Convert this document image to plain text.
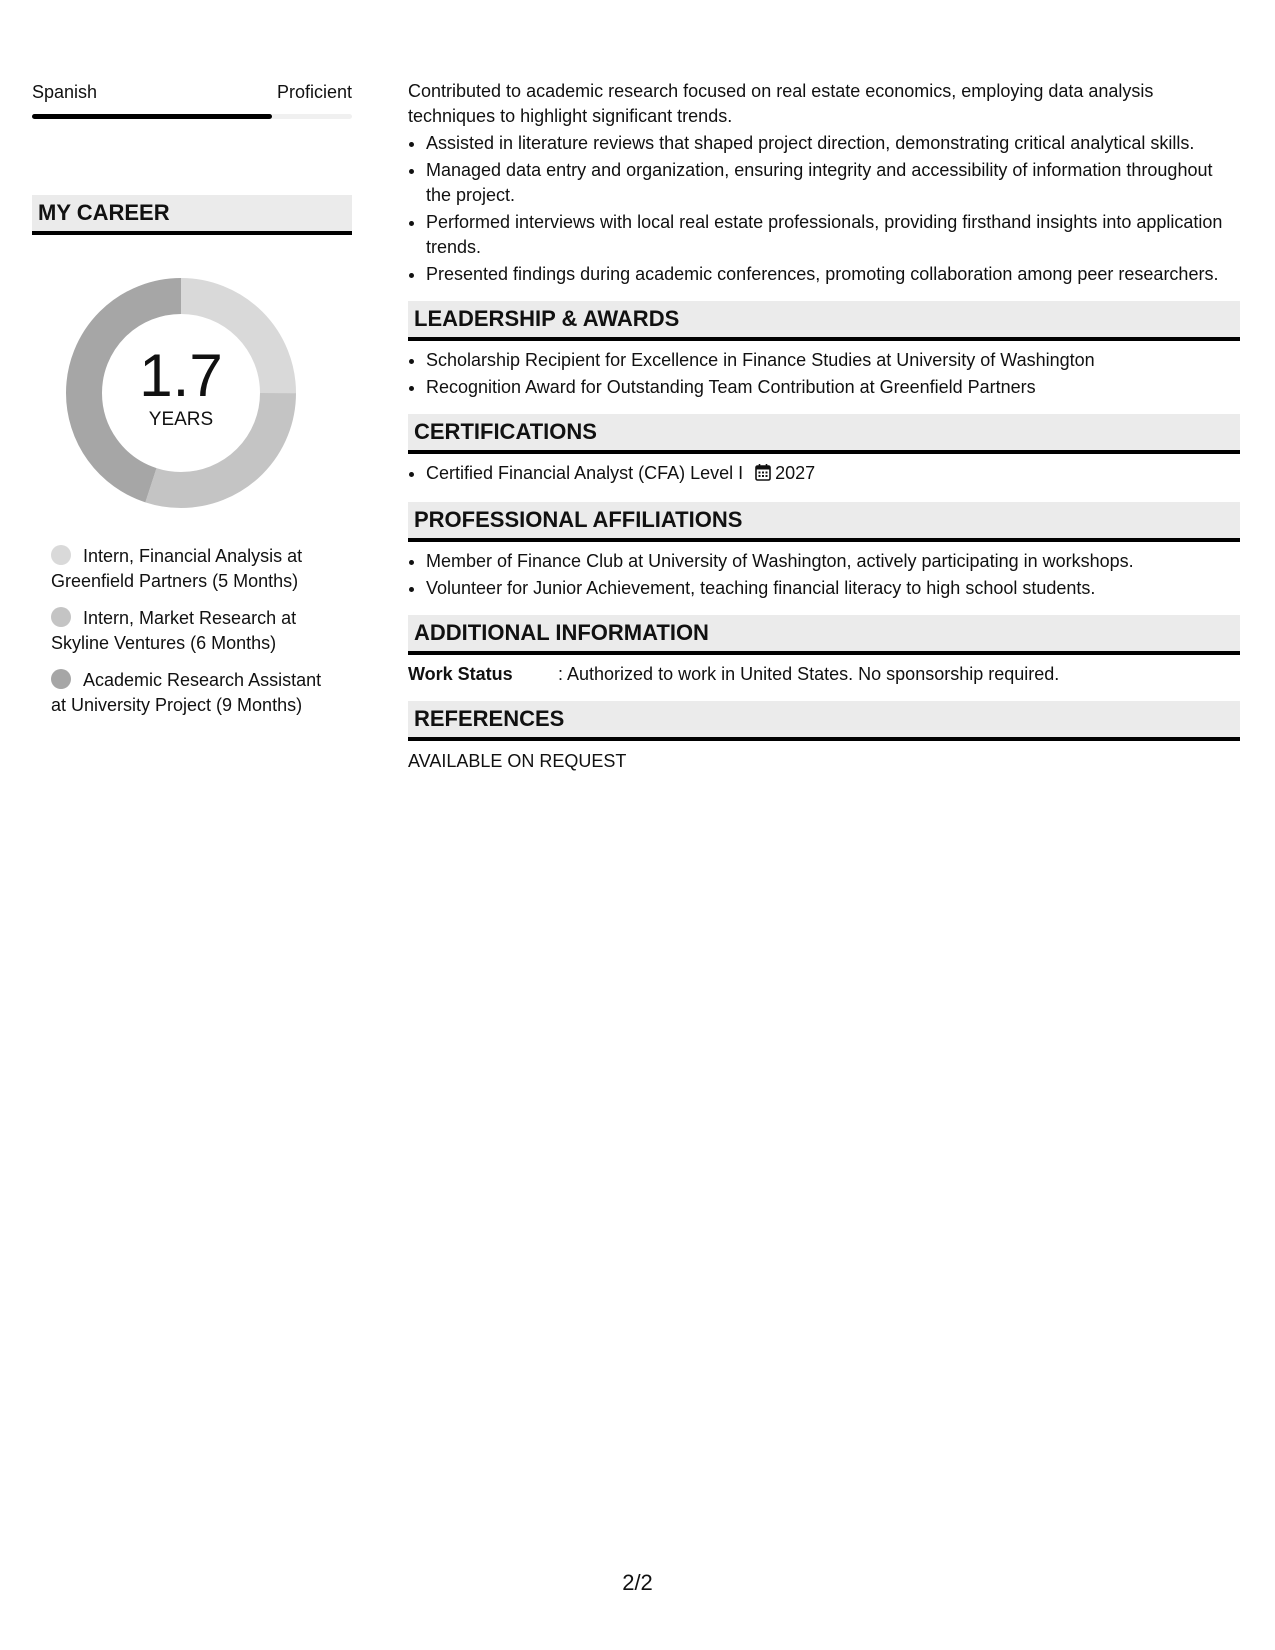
Spanish	Proficient
MY CAREER
1.7
YEARS
Intern, Financial Analysis at Greenfield Partners (5 Months)
Intern, Market Research at Skyline Ventures (6 Months)
Academic Research Assistant at University Project (9 Months)
Contributed to academic research focused on real estate economics, employing data analysis techniques to highlight significant trends.
• Assisted in literature reviews that shaped project direction, demonstrating critical analytical skills.
• Managed data entry and organization, ensuring integrity and accessibility of information throughout the project.
• Performed interviews with local real estate professionals, providing firsthand insights into application trends.
• Presented findings during academic conferences, promoting collaboration among peer researchers.
LEADERSHIP & AWARDS
• Scholarship Recipient for Excellence in Finance Studies at University of Washington
• Recognition Award for Outstanding Team Contribution at Greenfield Partners
CERTIFICATIONS
• Certified Financial Analyst (CFA) Level I 2027
PROFESSIONAL AFFILIATIONS
• Member of Finance Club at University of Washington, actively participating in workshops.
• Volunteer for Junior Achievement, teaching financial literacy to high school students.
ADDITIONAL INFORMATION
Work Status	: Authorized to work in United States. No sponsorship required.
REFERENCES
AVAILABLE ON REQUEST
2/2
